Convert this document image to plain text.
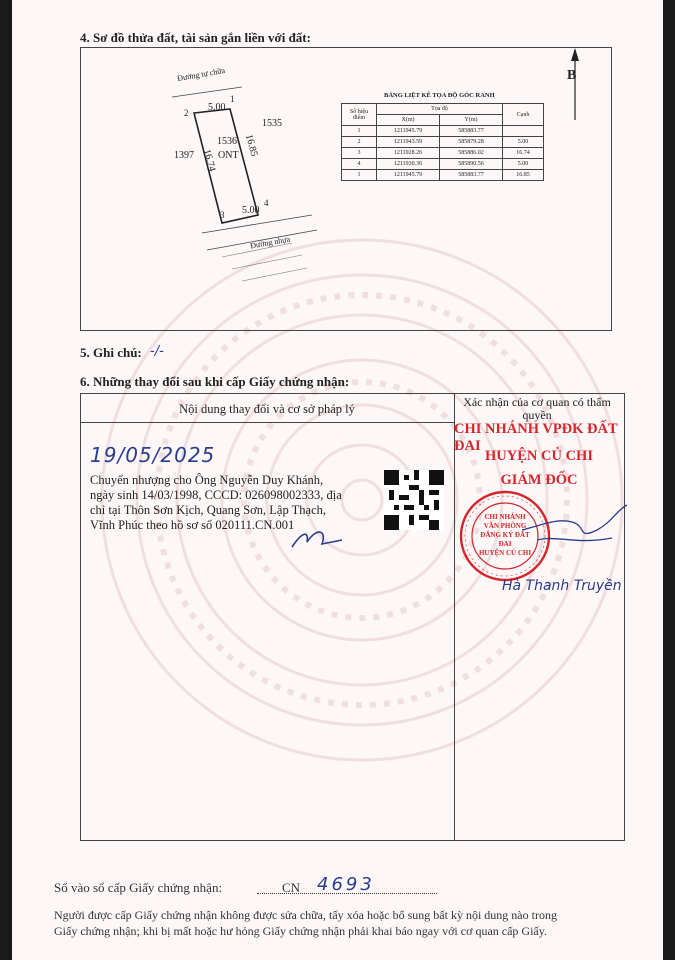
4. Sơ đồ thửa đất, tài sản gắn liền với đất:
B
Đường tự chữa
Đường nhựa
5.00
5.00
16.74
16.85
1536
ONT
1397
1535
2
1
3
4
BẢNG LIỆT KÊ TỌA ĐỘ GÓC RANH
Số hiệu điểm	Tọa độ		Cạnh
	X(m)	Y(m)	
1	1211945.79	585883.77	
2	1211943.59	585879.28	5.00
3	1211928.26	585886.02	16.74
4	1211930.36	585890.56	5.00
1	1211945.79	585883.77	16.85
5. Ghi chú: -/-
6. Những thay đổi sau khi cấp Giấy chứng nhận:
Nội dung thay đổi và cơ sở pháp lý	Xác nhận của cơ quan có thẩm quyền
19/05/2025
Chuyển nhượng cho Ông Nguyễn Duy Khánh,
ngày sinh 14/03/1998, CCCD: 026098002333, địa
chỉ tại Thôn Sơn Kịch, Quang Sơn, Lập Thạch,
Vĩnh Phúc theo hồ sơ số 020111.CN.001
CHI NHÁNH VPĐK ĐẤT ĐAI
HUYỆN CỦ CHI
GIÁM ĐỐC
CHI NHÁNH
VĂN PHÒNG
ĐĂNG KÝ ĐẤT ĐAI
HUYỆN CỦ CHI
Hà Thanh Truyền
Số vào sổ cấp Giấy chứng nhận:	CN 4693
Người được cấp Giấy chứng nhận không được sửa chữa, tẩy xóa hoặc bổ sung bất kỳ nội dung nào trong
Giấy chứng nhận; khi bị mất hoặc hư hỏng Giấy chứng nhận phải khai báo ngay với cơ quan cấp Giấy.
